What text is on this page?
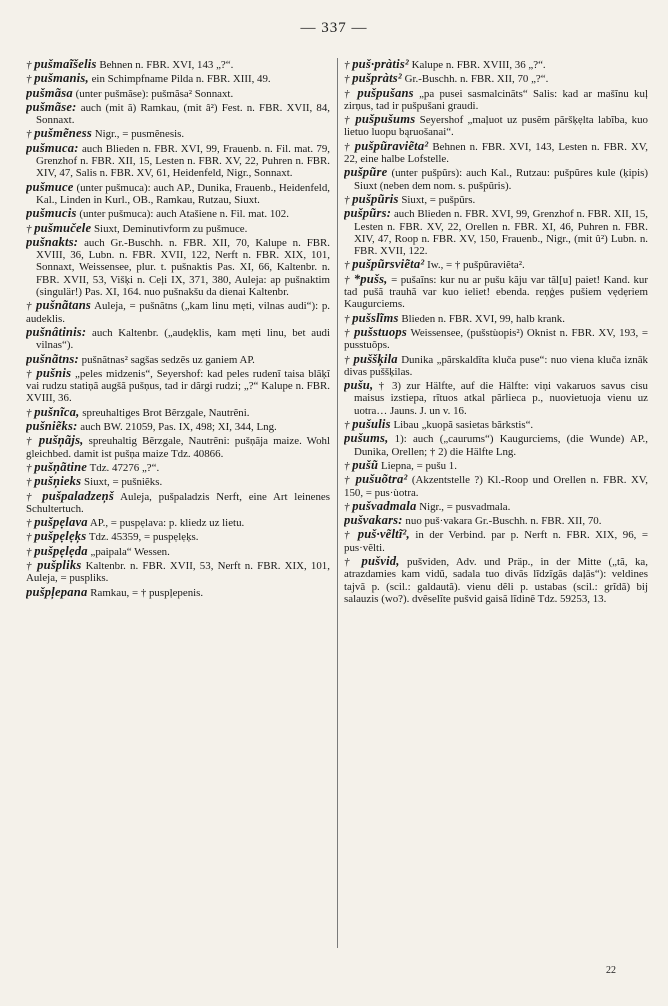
— 337 —

† pušmaĩšelis Behnen n. FBR. XVI, 143 „?“.

† pušmanis, ein Schimpfname Pilda n. FBR. XIII, 49.

pušmãsa (unter pušmãse): pušmãsa² Sonnaxt.

pušmãse: auch (mit ã) Ramkau, (mit â²) Fest. n. FBR. XVII, 84, Sonnaxt.

† pušmẽness Nigr., = pusmẽnesis.

pušmuca: auch Blieden n. FBR. XVI, 99, Frauenb. n. Fil. mat. 79, Grenzhof n. FBR. XII, 15, Lesten n. FBR. XV, 22, Puhren n. FBR. XIV, 47, Salis n. FBR. XV, 61, Heidenfeld, Nigr., Sonnaxt.

pušmuce (unter pušmuca): auch AP., Dunika, Frauenb., Heidenfeld, Kal., Linden in Kurl., OB., Ramkau, Rutzau, Siuxt.

pušmucis (unter pušmuca): auch Atašiene n. Fil. mat. 102.

† pušmučele Siuxt, Deminutivform zu pušmuce.

pušnakts: auch Gr.-Buschh. n. FBR. XII, 70, Kalupe n. FBR. XVIII, 36, Lubn. n. FBR. XVII, 122, Nerft n. FBR. XIX, 101, Sonnaxt, Weissensee, plur. t. pušnaktis Pas. XI, 66, Kaltenbr. n. FBR. XVII, 53, Višķi n. Ceļi IX, 371, 380, Auleja: ap pušnaktim (singulär!) Pas. XI, 164. nuo pušnakšu da dienai Kaltenbr.

† pušnãtans Auleja, = pušnãtns („kam linu mẹti, vilnas audi“): p. audeklis.

pušnâtinis: auch Kaltenbr. („audẹklis, kam mẹti linu, bet audi vilnas“).

pušnãtns: pušnãtnas² sagšas sedzẽs uz ganiem AP.

† pušnis „peles midzenis“, Seyershof: kad peles rudenĩ taisa blãķĩ vai rudzu statiņã augšã pušņus, tad ir dãrgi rudzi; „?“ Kalupe n. FBR. XVIII, 36.

† pušnĩca, spreuhaltiges Brot Bẽrzgale, Nautrẽni.

pušniẽks: auch BW. 21059, Pas. IX, 498; XI, 344, Lng.

† pušņãjs, spreuhaltig Bẽrzgale, Nautrẽni: pušņãja maize. Wohl gleichbed. damit ist pušņa maize Tdz. 40866.

† pušņãtine Tdz. 47276 „?“.

† pušņieks Siuxt, = pušniẽks.

† pušpaladzeņš Auleja, pušpaladzis Nerft, eine Art leinenes Schultertuch.

† pušpẹlava AP., = puspẹlava: p. kliedz uz lietu.

† pušpẹlẹķs Tdz. 45359, = puspẹlẹķs.

† pušpẹlẹda „paipala“ Wessen.

† pušpliks Kaltenbr. n. FBR. XVII, 53, Nerft n. FBR. XIX, 101, Auleja, = puspliks.

pušpļepana Ramkau, = † puspļepenis.

† puš·pràtis² Kalupe n. FBR. XVIII, 36 „?“.

† pušpràts² Gr.-Buschh. n. FBR. XII, 70 „?“.

† pušpušans „pa pusei sasmalcinãts“ Salis: kad ar mašĩnu kuļ zirņus, tad ir pušpušani graudi.

† pušpušums Seyershof „maļuot uz pusẽm pãršķẹlta labĩba, kuo lietuo luopu bąruošanai“.

† pušpũraviẽta² Behnen n. FBR. XVI, 143, Lesten n. FBR. XV, 22, eine halbe Lofstelle.

pušpũre (unter pušpũrs): auch Kal., Rutzau: pušpũres kule (ķipis) Siuxt (neben dem nom. s. pušpũris).

† pušpũris Siuxt, = pušpũrs.

pušpũrs: auch Blieden n. FBR. XVI, 99, Grenzhof n. FBR. XII, 15, Lesten n. FBR. XV, 22, Orellen n. FBR. XI, 46, Puhren n. FBR. XIV, 47, Roop n. FBR. XV, 150, Frauenb., Nigr., (mit û²) Lubn. n. FBR. XVII, 122.

† pušpũrsviẽta² Iw., = † pušpũraviẽta².

† *pušs, = pušaĩns: kur nu ar pušu kãju var tãl[u] paiet! Kand. kur tad pušã trauhã var kuo ieliet! ebenda. reņģes pušiem vẹdẹriem Kaugurciems.

† pušslĩms Blieden n. FBR. XVI, 99, halb krank.

† pušstuops Weissensee, (pušstùopis²) Oknist n. FBR. XV, 193, = pusstuõps.

† puššķila Dunika „pãrskaldĩta kluča puse“: nuo viena kluča iznãk divas puššķilas.

pušu, † 3) zur Hälfte, auf die Hälfte: viņi vakaruos savus cisu maisus izstiepa, rĩtuos atkal pãrlieca p., nuovietuoja vienu uz uotra… Jauns. J. un v. 16.

† pušulis Libau „kuopã sasietas bãrkstis“.

pušums, 1): auch („caurums“) Kaugurciems, (die Wunde) AP., Dunika, Orellen; † 2) die Hälfte Lng.

† pušũ Liepna, = pušu 1.

† pušuõtra² (Akzentstelle ?) Kl.-Roop und Orellen n. FBR. XV, 150, = pus·ùotra.

† pušvadmala Nigr., = pusvadmala.

pušvakars: nuo puš·vakara Gr.-Buschh. n. FBR. XII, 70.

† puš·vẽltĩ², in der Verbind. par p. Nerft n. FBR. XIX, 96, = pus·vẽlti.

† pušvid, pušviden, Adv. und Präp., in der Mitte („tã, ka, atrazdamies kam vidũ, sadala tuo divãs lĩdzĩgãs daļãs“): veldines tajvã p. (scil.: galdautã). vienu dẽli p. ustabas (scil.: grĩdã) bij salauzis (wo?). dvẽselĩte pušvid gaisã lĩdinẽ Tdz. 59253, 13.

22
